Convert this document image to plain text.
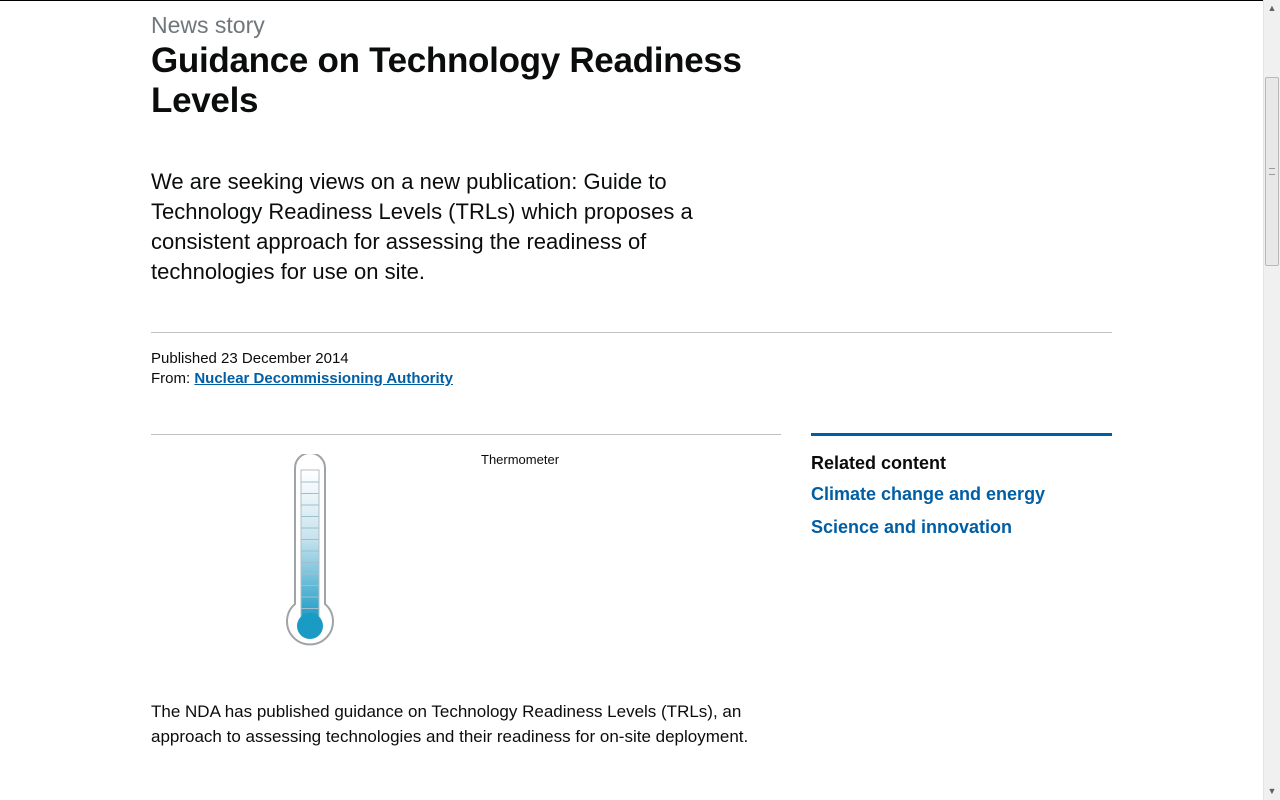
News story
Guidance on Technology Readiness Levels

We are seeking views on a new publication: Guide to Technology Readiness Levels (TRLs) which proposes a consistent approach for assessing the readiness of technologies for use on site.

Published 23 December 2014
From: Nuclear Decommissioning Authority
Thermometer

The NDA has published guidance on Technology Readiness Levels (TRLs), an approach to assessing technologies and their readiness for on-site deployment.

Related content
Climate change and energy
Science and innovation
▲
▼
